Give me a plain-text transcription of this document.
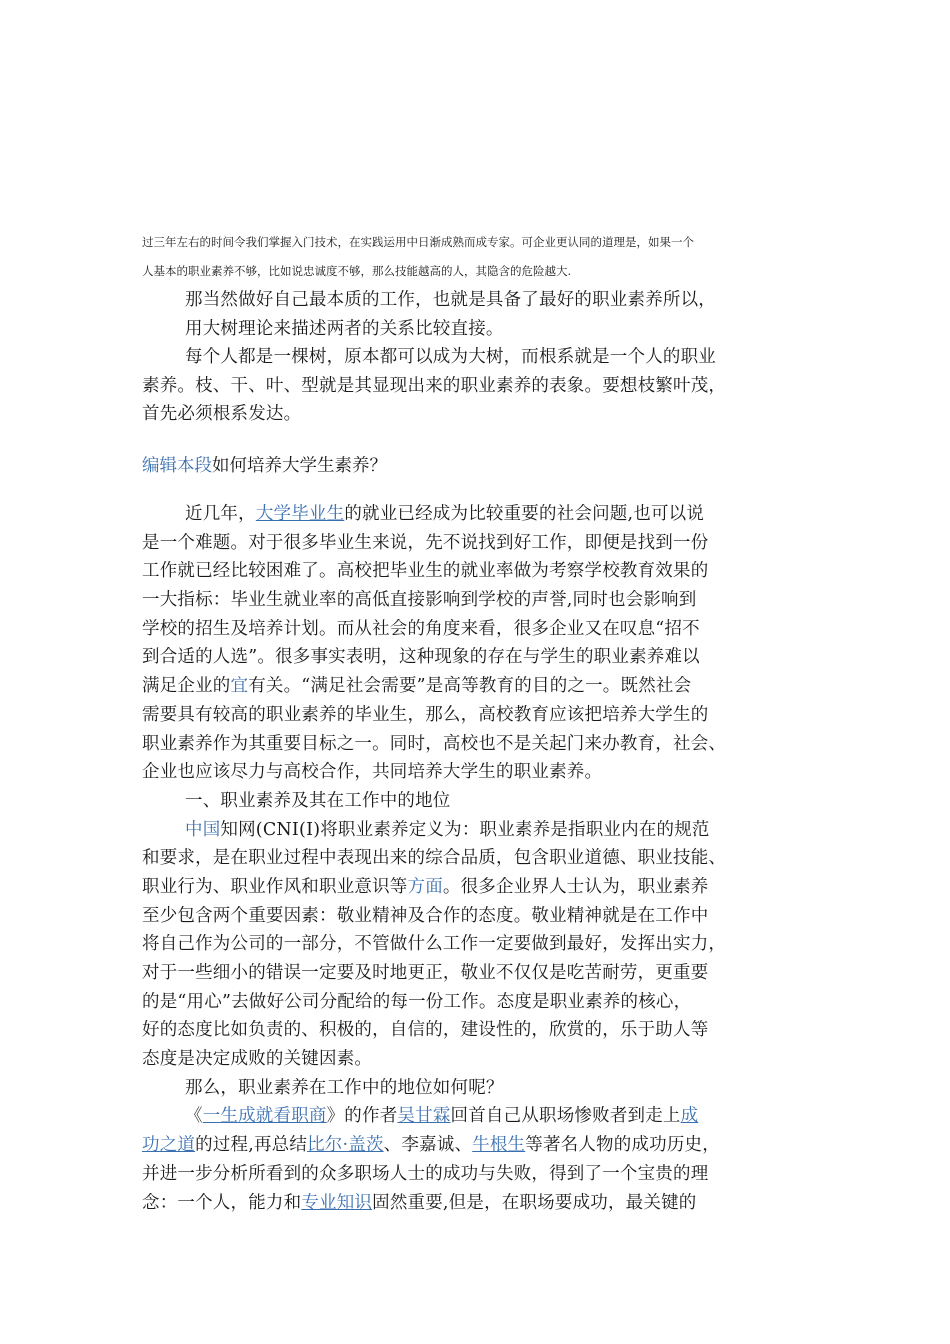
过三年左右的时间令我们掌握入门技术，在实践运用中日渐成熟而成专家。可企业更认同的道理是，如果一个
人基本的职业素养不够，比如说忠诚度不够，那么技能越高的人，其隐含的危险越大.
那当然做好自己最本质的工作，也就是具备了最好的职业素养所以，
用大树理论来描述两者的关系比较直接。
每个人都是一棵树，原本都可以成为大树，而根系就是一个人的职业
素养。枝、干、叶、型就是其显现出来的职业素养的表象。要想枝繁叶茂，
首先必须根系发达。
编辑本段如何培养大学生素养？
近几年，大学毕业生的就业已经成为比较重要的社会问题,也可以说
是一个难题。对于很多毕业生来说，先不说找到好工作，即便是找到一份
工作就已经比较困难了。高校把毕业生的就业率做为考察学校教育效果的
一大指标：毕业生就业率的高低直接影响到学校的声誉,同时也会影响到
学校的招生及培养计划。而从社会的角度来看，很多企业又在叹息“招不
到合适的人选”。很多事实表明，这种现象的存在与学生的职业素养难以
满足企业的宜有关。“满足社会需要”是高等教育的目的之一。既然社会
需要具有较高的职业素养的毕业生，那么，高校教育应该把培养大学生的
职业素养作为其重要目标之一。同时，高校也不是关起门来办教育，社会、
企业也应该尽力与高校合作，共同培养大学生的职业素养。
一、职业素养及其在工作中的地位
中国知网(CNI(I)将职业素养定义为：职业素养是指职业内在的规范
和要求，是在职业过程中表现出来的综合品质，包含职业道德、职业技能、
职业行为、职业作风和职业意识等方面。很多企业界人士认为，职业素养
至少包含两个重要因素：敬业精神及合作的态度。敬业精神就是在工作中
将自己作为公司的一部分，不管做什么工作一定要做到最好，发挥出实力，
对于一些细小的错误一定要及时地更正，敬业不仅仅是吃苦耐劳，更重要
的是“用心”去做好公司分配给的每一份工作。态度是职业素养的核心，
好的态度比如负责的、积极的，自信的，建设性的，欣赏的，乐于助人等
态度是决定成败的关键因素。
那么，职业素养在工作中的地位如何呢？
《一生成就看职商》的作者吴甘霖回首自己从职场惨败者到走上成
功之道的过程,再总结比尔·盖茨、李嘉诚、牛根生等著名人物的成功历史，
并进一步分析所看到的众多职场人士的成功与失败，得到了一个宝贵的理
念：一个人，能力和专业知识固然重要,但是，在职场要成功，最关键的
